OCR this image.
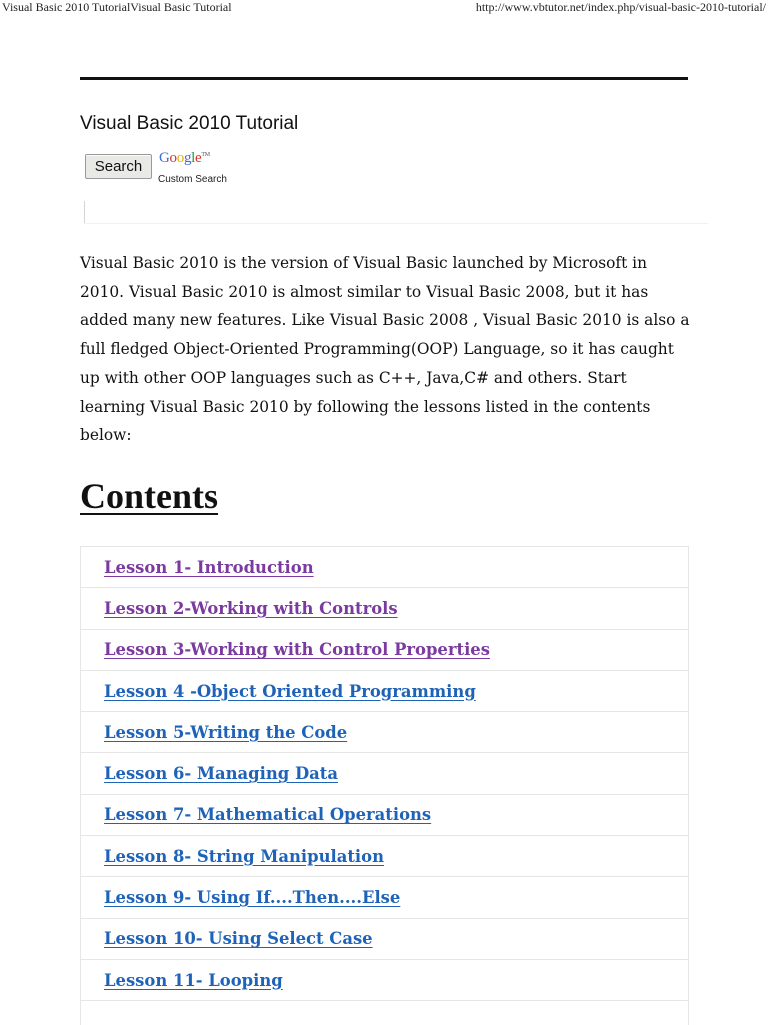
Visual Basic 2010 TutorialVisual Basic Tutorial	http://www.vbtutor.net/index.php/visual-basic-2010-tutorial/
Visual Basic 2010 Tutorial
Search	Google™
Custom Search

Visual Basic 2010 is the version of Visual Basic launched by Microsoft in 2010. Visual Basic 2010 is almost similar to Visual Basic 2008, but it has added many new features. Like Visual Basic 2008 , Visual Basic 2010 is also a full fledged Object-Oriented Programming(OOP) Language, so it has caught up with other OOP languages such as C++, Java,C# and others. Start learning Visual Basic 2010 by following the lessons listed in the contents below:

Contents
Lesson 1- Introduction
Lesson 2-Working with Controls
Lesson 3-Working with Control Properties
Lesson 4 -Object Oriented Programming
Lesson 5-Writing the Code
Lesson 6- Managing Data
Lesson 7- Mathematical Operations
Lesson 8- String Manipulation
Lesson 9- Using If....Then....Else
Lesson 10- Using Select Case
Lesson 11- Looping
